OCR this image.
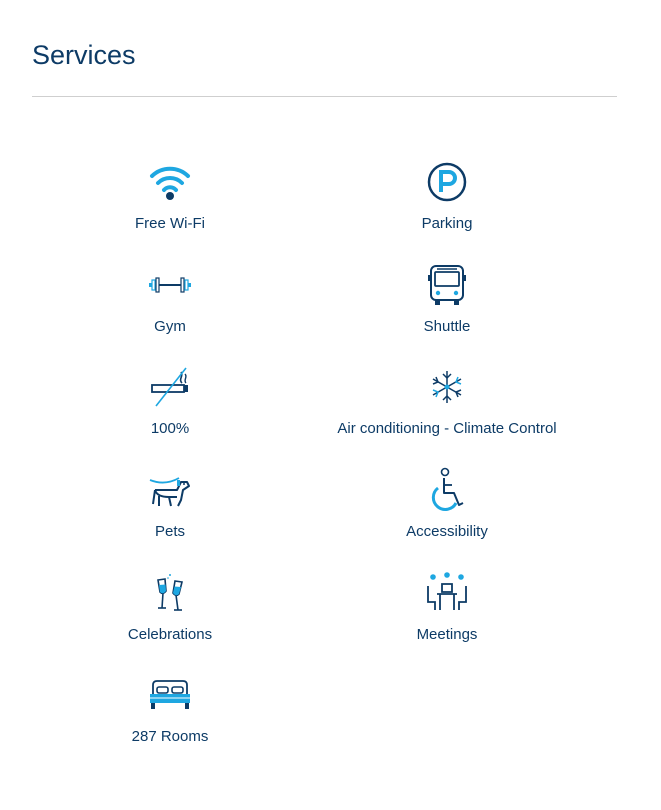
Services
Free Wi-Fi	Parking
Gym	Shuttle
100%	Air conditioning - Climate Control
Pets	Accessibility
Celebrations	Meetings
287 Rooms
